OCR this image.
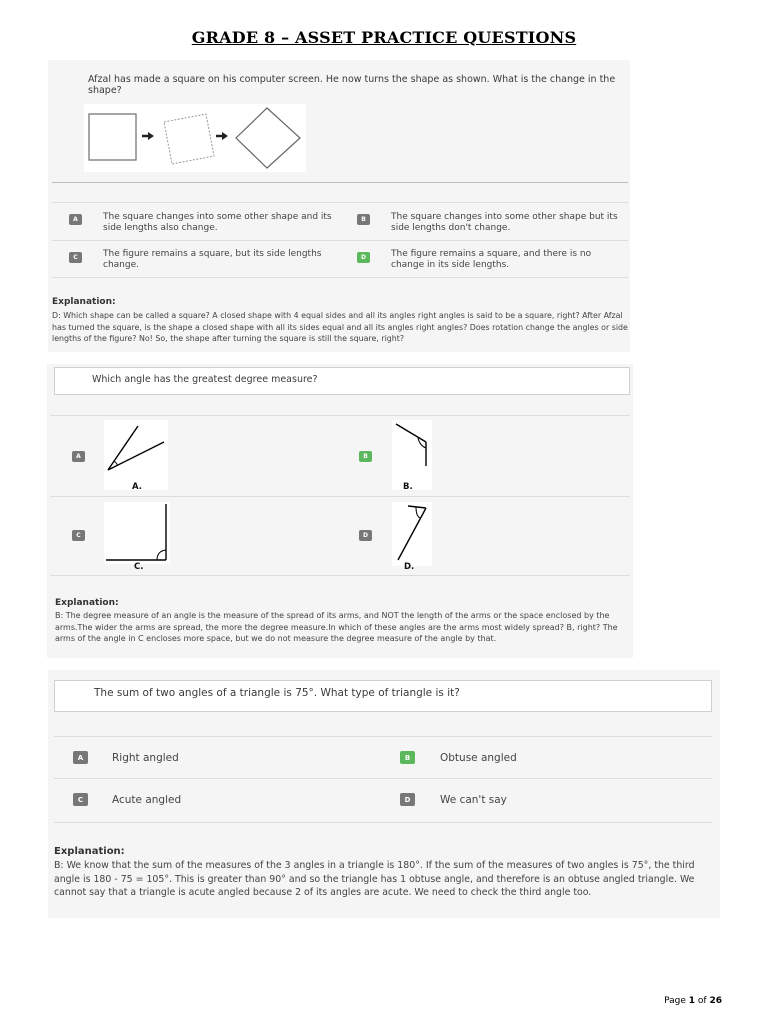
GRADE 8 – ASSET PRACTICE QUESTIONS
Afzal has made a square on his computer screen. He now turns the shape as shown. What is the change in the shape?
A	The square changes into some other shape and its side lengths also change.
B	The square changes into some other shape but its side lengths don't change.
C	The figure remains a square, but its side lengths change.
D	The figure remains a square, and there is no change in its side lengths.
Explanation:
D: Which shape can be called a square? A closed shape with 4 equal sides and all its angles right angles is said to be a square, right? After Afzal has turned the square, is the shape a closed shape with all its sides equal and all its angles right angles? Does rotation change the angles or side lengths of the figure? No! So, the shape after turning the square is still the square, right?
Which angle has the greatest degree measure?
A	B
C	D
A.	B.
C.	D.
Explanation:
B: The degree measure of an angle is the measure of the spread of its arms, and NOT the length of the arms or the space enclosed by the arms.The wider the arms are spread, the more the degree measure.In which of these angles are the arms most widely spread? B, right? The arms of the angle in C encloses more space, but we do not measure the degree measure of the angle by that.
The sum of two angles of a triangle is 75°. What type of triangle is it?
A	Right angled	B	Obtuse angled
C	Acute angled	D	We can't say
Explanation:
B: We know that the sum of the measures of the 3 angles in a triangle is 180°. If the sum of the measures of two angles is 75°, the third angle is 180 - 75 = 105°. This is greater than 90° and so the triangle has 1 obtuse angle, and therefore is an obtuse angled triangle. We cannot say that a triangle is acute angled because 2 of its angles are acute. We need to check the third angle too.
Page 1 of 26
